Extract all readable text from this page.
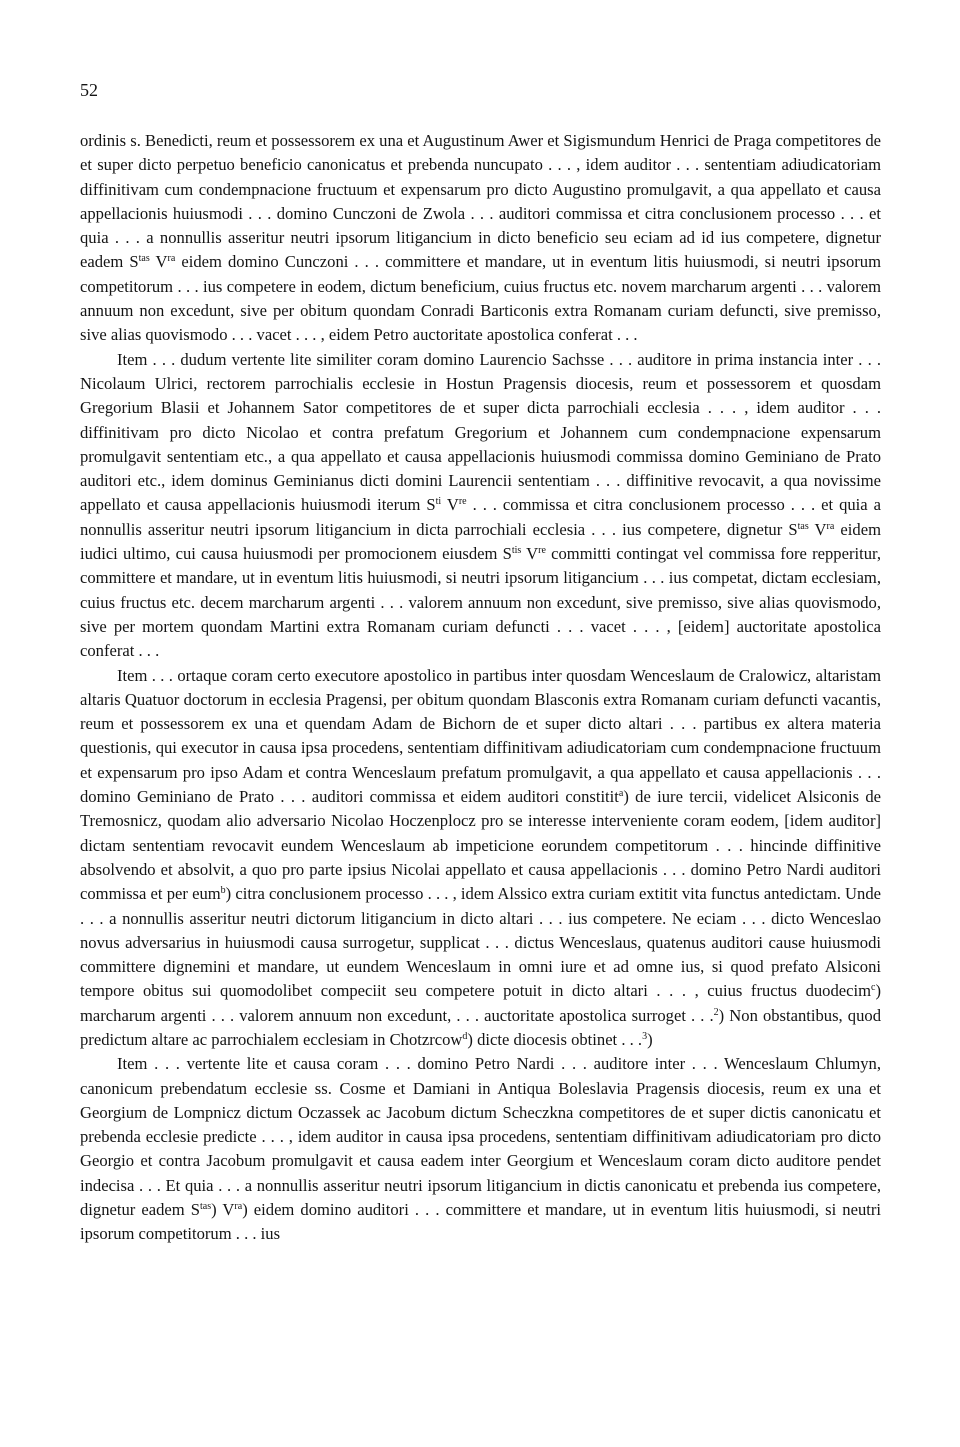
52

ordinis s. Benedicti, reum et possessorem ex una et Augustinum Awer et Sigismundum Henrici de Praga competitores de et super dicto perpetuo beneficio canonicatus et prebenda nuncupato . . . , idem auditor . . . sententiam adiudicatoriam diffinitivam cum condempnacione fructuum et expensarum pro dicto Augustino promulgavit, a qua appellato et causa appellacionis huiusmodi . . . domino Cunczoni de Zwola . . . auditori commissa et citra conclusionem processo . . . et quia . . . a nonnullis asseritur neutri ipsorum litigancium in dicto beneficio seu eciam ad id ius competere, dignetur eadem $S^{tas}$ $V^{ra}$ eidem domino Cunczoni . . . committere et mandare, ut in eventum litis huiusmodi, si neutri ipsorum competitorum . . . ius competere in eodem, dictum beneficium, cuius fructus etc. novem marcharum argenti . . . valorem annuum non excedunt, sive per obitum quondam Conradi Barticonis extra Romanam curiam defuncti, sive premisso, sive alias quovismodo . . . vacet . . . , eidem Petro auctoritate apostolica conferat . . .

Item . . . dudum vertente lite similiter coram domino Laurencio Sachsse . . . auditore in prima instancia inter . . . Nicolaum Ulrici, rectorem parrochialis ecclesie in Hostun Pragensis diocesis, reum et possessorem et quosdam Gregorium Blasii et Johannem Sator competitores de et super dicta parrochiali ecclesia . . . , idem auditor . . . diffinitivam pro dicto Nicolao et contra prefatum Gregorium et Johannem cum condempnacione expensarum promulgavit sententiam etc., a qua appellato et causa appellacionis huiusmodi commissa domino Geminiano de Prato auditori etc., idem dominus Geminianus dicti domini Laurencii sententiam . . . diffinitive revocavit, a qua novissime appellato et causa appellacionis huiusmodi iterum $S^{ti}$ Vre . . . commissa et citra conclusionem processo . . . et quia a nonnullis asseritur neutri ipsorum litigancium in dicta parrochiali ecclesia . . . ius competere, dignetur $S^{tas}$ $V^{ra}$ eidem iudici ultimo, cui causa huiusmodi per promocionem eiusdem $S^{tis}$ Vre committi contingat vel commissa fore repperitur, committere et mandare, ut in eventum litis huiusmodi, si neutri ipsorum litigancium . . . ius competat, dictam ecclesiam, cuius fructus etc. decem marcharum argenti . . . valorem annuum non excedunt, sive premisso, sive alias quovismodo, sive per mortem quondam Martini extra Romanam curiam defuncti . . . vacet . . . , [eidem] auctoritate apostolica conferat . . .

Item . . . ortaque coram certo executore apostolico in partibus inter quosdam Wenceslaum de Cralowicz, altaristam altaris Quatuor doctorum in ecclesia Pragensi, per obitum quondam Blasconis extra Romanam curiam defuncti vacantis, reum et possessorem ex una et quendam Adam de Bichorn de et super dicto altari . . . partibus ex altera materia questionis, qui executor in causa ipsa procedens, sententiam diffinitivam adiudicatoriam cum condempnacione fructuum et expensarum pro ipso Adam et contra Wenceslaum prefatum promulgavit, a qua appellato et causa appellacionis . . . domino Geminiano de Prato . . . auditori commissa et eidem auditori constitit$^a$) de iure tercii, videlicet Alsiconis de Tremosnicz, quodam alio adversario Nicolao Hoczenplocz pro se interesse interveniente coram eodem, [idem auditor] dictam sententiam revocavit eundem Wenceslaum ab impeticione eorundem competitorum . . . hincinde diffinitive absolvendo et absolvit, a quo pro parte ipsius Nicolai appellato et causa appellacionis . . . domino Petro Nardi auditori commissa et per eum$^b$) citra conclusionem processo . . . , idem Alssico extra curiam extitit vita functus antedictam. Unde . . . a nonnullis asseritur neutri dictorum litigancium in dicto altari . . . ius competere. Ne eciam . . . dicto Wenceslao novus adversarius in huiusmodi causa surrogetur, supplicat . . . dictus Wenceslaus, quatenus auditori cause huiusmodi committere dignemini et mandare, ut eundem Wenceslaum in omni iure et ad omne ius, si quod prefato Alsiconi tempore obitus sui quomodolibet compeciit seu competere potuit in dicto altari . . . , cuius fructus duodecim$^c$) marcharum argenti . . . valorem annuum non excedunt, . . . auctoritate apostolica surroget . . .$^2$) Non obstantibus, quod predictum altare ac parrochialem ecclesiam in Chotzrcow$^d$) dicte diocesis obtinet . . .$^3$)

Item . . . vertente lite et causa coram . . . domino Petro Nardi . . . auditore inter . . . Wenceslaum Chlumyn, canonicum prebendatum ecclesie ss. Cosme et Damiani in Antiqua Boleslavia Pragensis diocesis, reum ex una et Georgium de Lompnicz dictum Oczassek ac Jacobum dictum Scheczkna competitores de et super dictis canonicatu et prebenda ecclesie predicte . . . , idem auditor in causa ipsa procedens, sententiam diffinitivam adiudicatoriam pro dicto Georgio et contra Jacobum promulgavit et causa eadem inter Georgium et Wenceslaum coram dicto auditore pendet indecisa . . . Et quia . . . a nonnullis asseritur neutri ipsorum litigancium in dictis canonicatu et prebenda ius competere, dignetur eadem $S^{tas}$) $V^{ra}$) eidem domino auditori . . . committere et mandare, ut in eventum litis huiusmodi, si neutri ipsorum competitorum . . . ius
